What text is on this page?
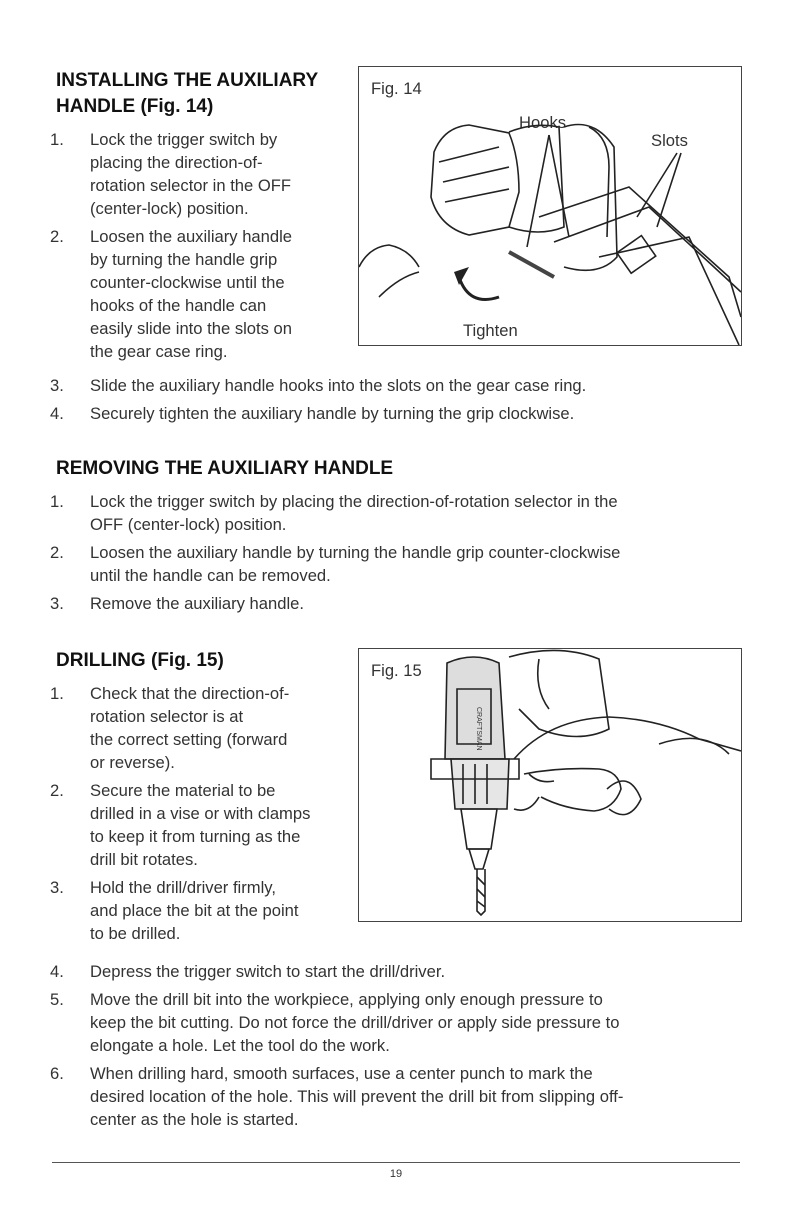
INSTALLING THE AUXILIARY
HANDLE (Fig. 14)
1. Lock the trigger switch by
placing the direction-of-
rotation selector in the OFF
(center-lock) position.
2. Loosen the auxiliary handle
by turning the handle grip
counter-clockwise until the
hooks of the handle can
easily slide into the slots on
the gear case ring.
3. Slide the auxiliary handle hooks into the slots on the gear case ring.
4. Securely tighten the auxiliary handle by turning the grip clockwise.
Fig. 14
Hooks
Slots
Tighten
REMOVING THE AUXILIARY HANDLE
1. Lock the trigger switch by placing the direction-of-rotation selector in the
OFF (center-lock) position.
2. Loosen the auxiliary handle by turning the handle grip counter-clockwise
until the handle can be removed.
3. Remove the auxiliary handle.
DRILLING (Fig. 15)
1. Check that the direction-of-
rotation selector is at
the correct setting (forward
or reverse).
2. Secure the material to be
drilled in a vise or with clamps
to keep it from turning as the
drill bit rotates.
3. Hold the drill/driver firmly,
and place the bit at the point
to be drilled.
4. Depress the trigger switch to start the drill/driver.
5. Move the drill bit into the workpiece, applying only enough pressure to
keep the bit cutting. Do not force the drill/driver or apply side pressure to
elongate a hole. Let the tool do the work.
6. When drilling hard, smooth surfaces, use a center punch to mark the
desired location of the hole. This will prevent the drill bit from slipping off-
center as the hole is started.
Fig. 15
CRAFTSMAN
19
